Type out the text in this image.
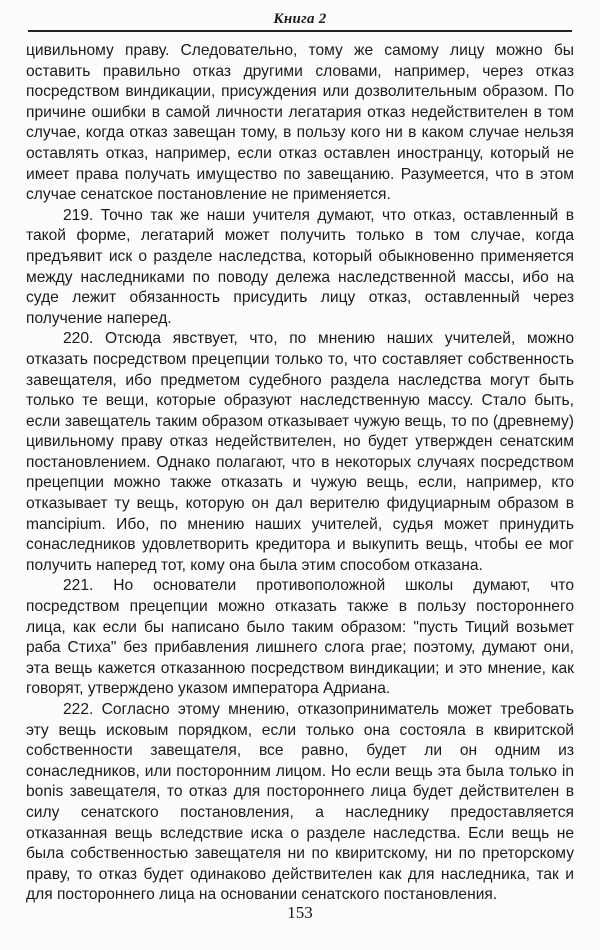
Книга 2

цивильному праву. Следовательно, тому же самому лицу можно бы оставить правильно отказ другими словами, например, через отказ посредством виндикации, присуждения или дозволительным образом. По причине ошибки в самой личности легатария отказ недействителен в том случае, когда отказ завещан тому, в пользу кого ни в каком случае нельзя оставлять отказ, например, если отказ оставлен иностранцу, который не имеет права получать имущество по завещанию. Разумеется, что в этом случае сенатское постановление не применяется.

219. Точно так же наши учителя думают, что отказ, оставленный в такой форме, легатарий может получить только в том случае, когда предъявит иск о разделе наследства, который обыкновенно применяется между наследниками по поводу дележа наследственной массы, ибо на суде лежит обязанность присудить лицу отказ, оставленный через получение наперед.

220. Отсюда явствует, что, по мнению наших учителей, можно отказать посредством прецепции только то, что составляет собственность завещателя, ибо предметом судебного раздела наследства могут быть только те вещи, которые образуют наследственную массу. Стало быть, если завещатель таким образом отказывает чужую вещь, то по (древнему) цивильному праву отказ недействителен, но будет утвержден сенатским постановлением. Однако полагают, что в некоторых случаях посредством прецепции можно также отказать и чужую вещь, если, например, кто отказывает ту вещь, которую он дал верителю фидуциарным образом в mancipium. Ибо, по мнению наших учителей, судья может принудить сонаследников удовлетворить кредитора и выкупить вещь, чтобы ее мог получить наперед тот, кому она была этим способом отказана.

221. Но основатели противоположной школы думают, что посредством прецепции можно отказать также в пользу постороннего лица, как если бы написано было таким образом: "пусть Тиций возьмет раба Стиха" без прибавления лишнего слога prae; поэтому, думают они, эта вещь кажется отказанною посредством виндикации; и это мнение, как говорят, утверждено указом императора Адриана.

222. Согласно этому мнению, отказоприниматель может требовать эту вещь исковым порядком, если только она состояла в квиритской собственности завещателя, все равно, будет ли он одним из сонаследников, или посторонним лицом. Но если вещь эта была только in bonis завещателя, то отказ для постороннего лица будет действителен в силу сенатского постановления, а наследнику предоставляется отказанная вещь вследствие иска о разделе наследства. Если вещь не была собственностью завещателя ни по квиритскому, ни по преторскому праву, то отказ будет одинаково действителен как для наследника, так и для постороннего лица на основании сенатского постановления.

153
